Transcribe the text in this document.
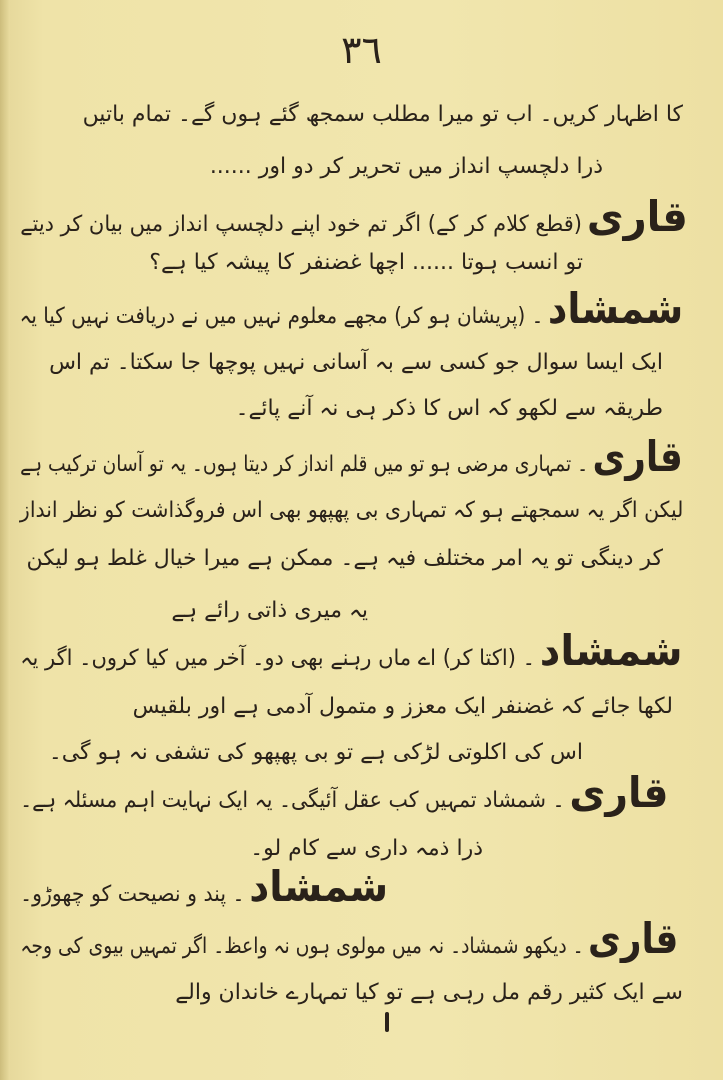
٣٦
کا اظہار کریں۔ اب تو میرا مطلب سمجھ گئے ہوں گے۔ تمام باتیں
ذرا دلچسپ انداز میں تحریر کر دو اور ......
قاری (قطع کلام کر کے) اگر تم خود اپنے دلچسپ انداز میں بیان کر دیتے
تو انسب ہوتا ...... اچھا غضنفر کا پیشہ کیا ہے؟
شمشاد ۔ (پریشان ہو کر) مجھے معلوم نہیں میں نے دریافت نہیں کیا یہ
ایک ایسا سوال جو کسی سے بہ آسانی نہیں پوچھا جا سکتا۔ تم اس
طریقہ سے لکھو کہ اس کا ذکر ہی نہ آنے پائے۔
قاری ۔ تمہاری مرضی ہو تو میں قلم انداز کر دیتا ہوں۔ یہ تو آسان ترکیب ہے
لیکن اگر یہ سمجھتے ہو کہ تمہاری بی پھپھو بھی اس فروگذاشت کو نظر انداز
کر دینگی تو یہ امر مختلف فیہ ہے۔ ممکن ہے میرا خیال غلط ہو لیکن
یہ میری ذاتی رائے ہے
شمشاد ۔ (اکتا کر) اے ماں رہنے بھی دو۔ آخر میں کیا کروں۔ اگر یہ
لکھا جائے کہ غضنفر ایک معزز و متمول آدمی ہے اور بلقیس
اس کی اکلوتی لڑکی ہے تو بی پھپھو کی تشفی نہ ہو گی۔
قاری ۔ شمشاد تمہیں کب عقل آئیگی۔ یہ ایک نہایت اہم مسئلہ ہے۔
ذرا ذمہ داری سے کام لو۔
شمشاد ۔ پند و نصیحت کو چھوڑو۔
قاری ۔ دیکھو شمشاد۔ نہ میں مولوی ہوں نہ واعظ۔ اگر تمہیں بیوی کی وجہ
سے ایک کثیر رقم مل رہی ہے تو کیا تمہارے خاندان والے
